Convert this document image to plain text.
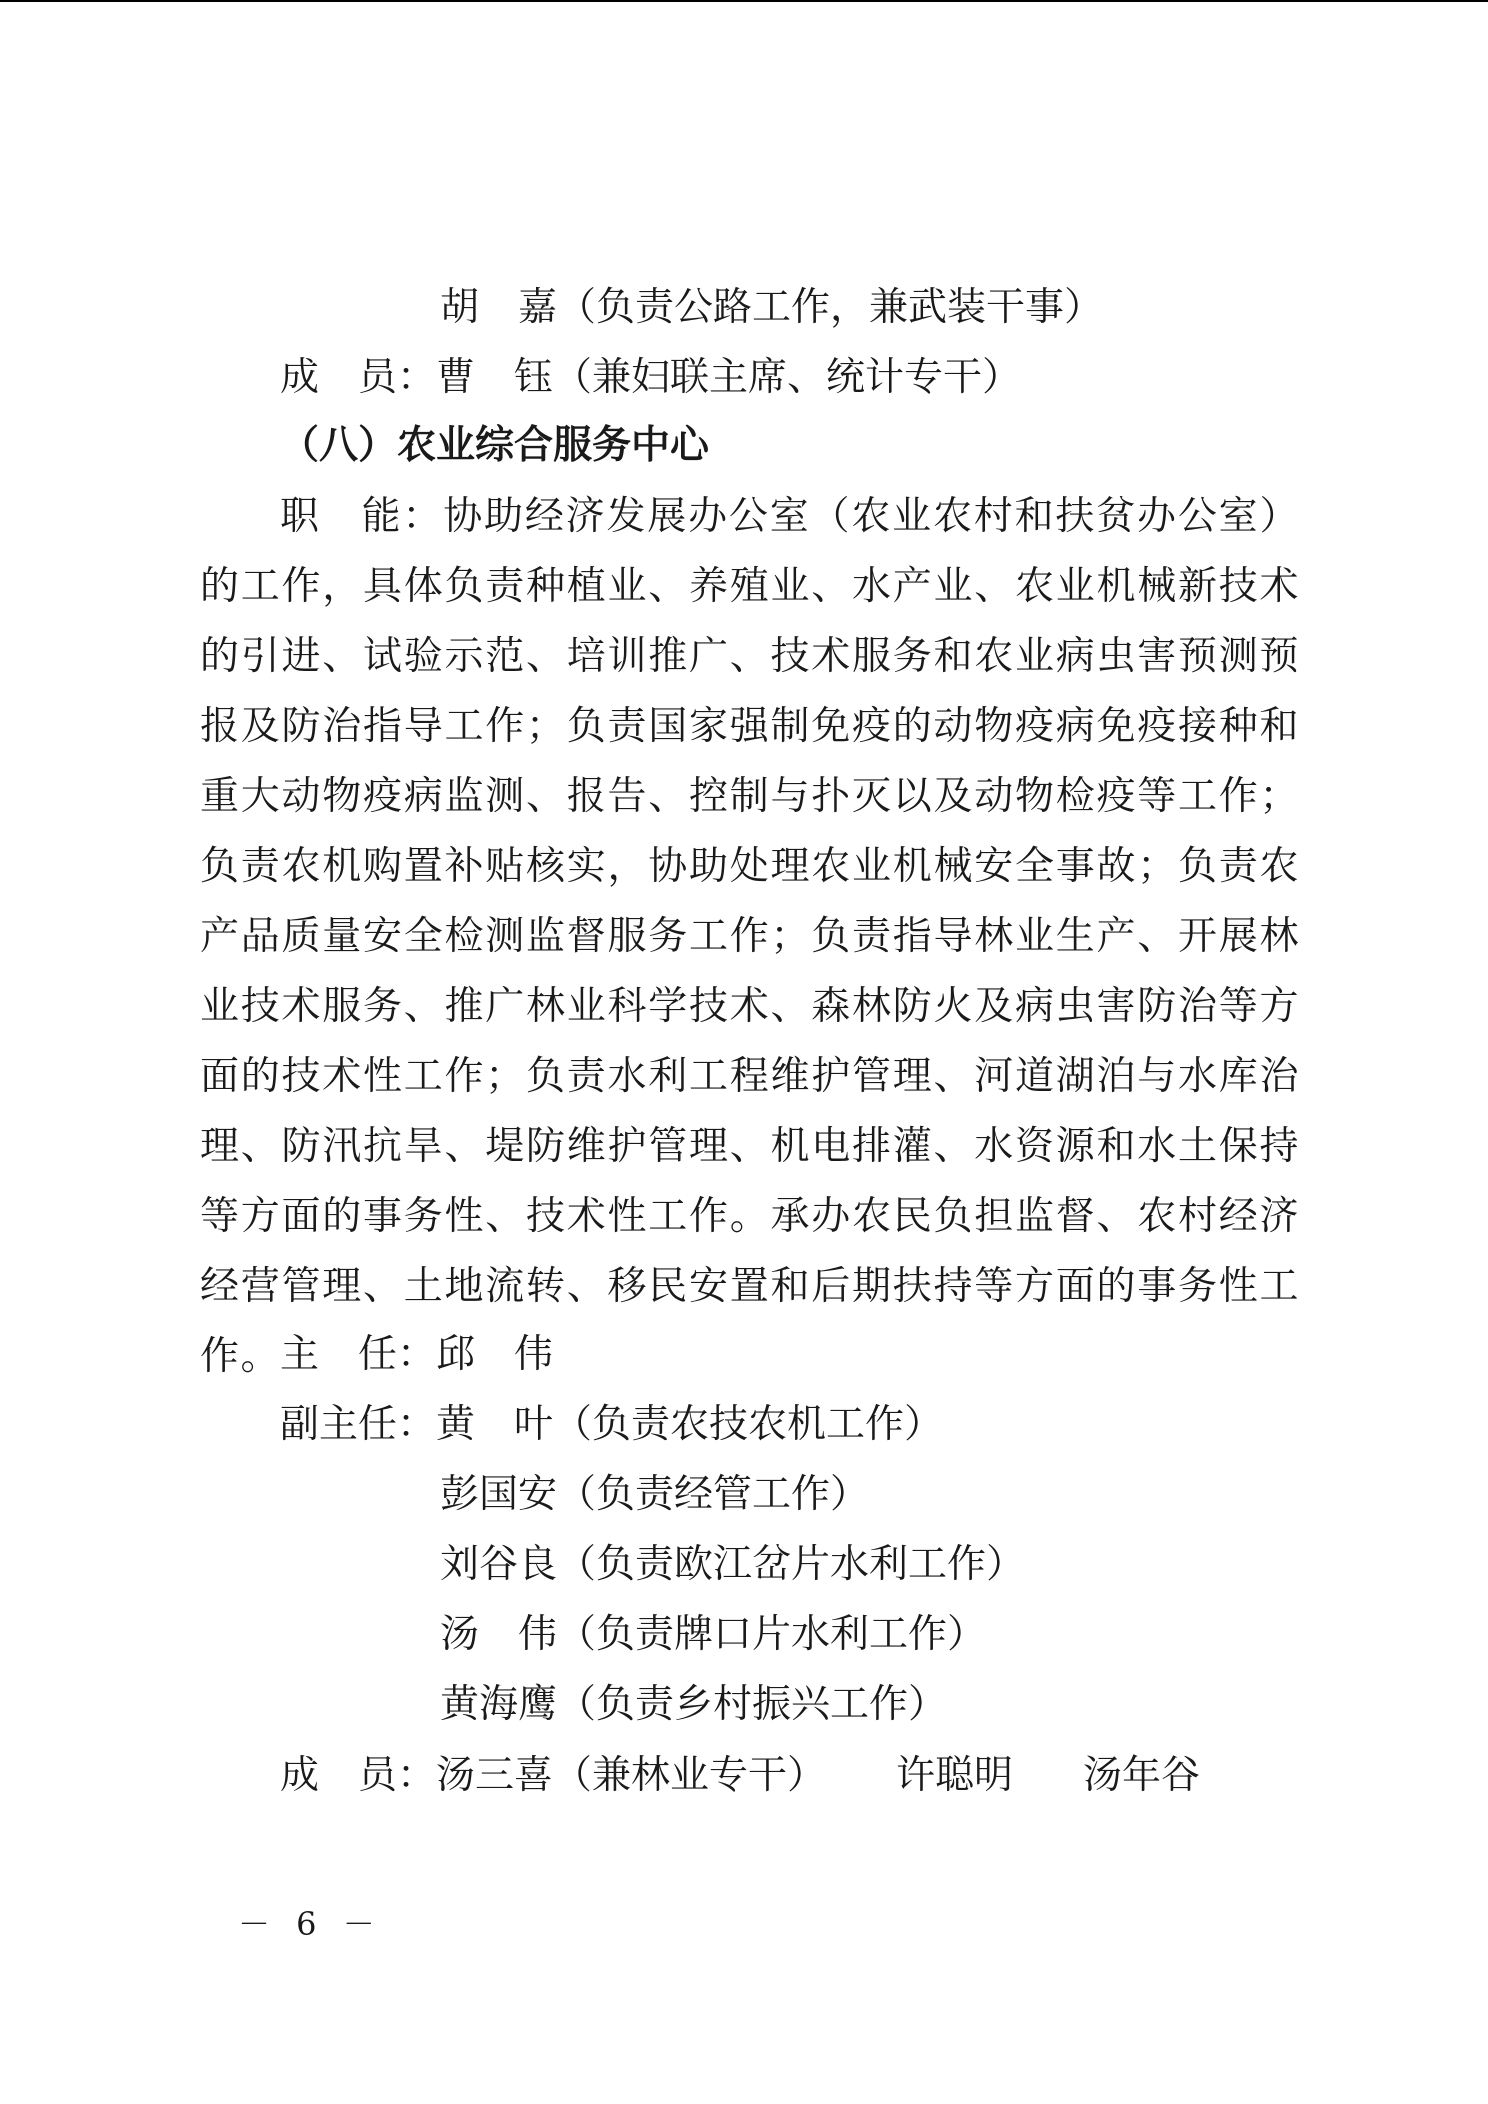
胡　嘉（负责公路工作，兼武装干事）
成　员：曹　钰（兼妇联主席、统计专干）
（八）农业综合服务中心
职　能：协助经济发展办公室（农业农村和扶贫办公室）的工作，具体负责种植业、养殖业、水产业、农业机械新技术的引进、试验示范、培训推广、技术服务和农业病虫害预测预报及防治指导工作；负责国家强制免疫的动物疫病免疫接种和重大动物疫病监测、报告、控制与扑灭以及动物检疫等工作；负责农机购置补贴核实，协助处理农业机械安全事故；负责农产品质量安全检测监督服务工作；负责指导林业生产、开展林业技术服务、推广林业科学技术、森林防火及病虫害防治等方面的技术性工作；负责水利工程维护管理、河道湖泊与水库治理、防汛抗旱、堤防维护管理、机电排灌、水资源和水土保持等方面的事务性、技术性工作。承办农民负担监督、农村经济经营管理、土地流转、移民安置和后期扶持等方面的事务性工作。
主　任：邱　伟
副主任：黄　叶（负责农技农机工作）
彭国安（负责经管工作）
刘谷良（负责欧江岔片水利工作）
汤　伟（负责牌口片水利工作）
黄海鹰（负责乡村振兴工作）
成　员：汤三喜（兼林业专干） 许聪明 汤年谷
－ 6 －
